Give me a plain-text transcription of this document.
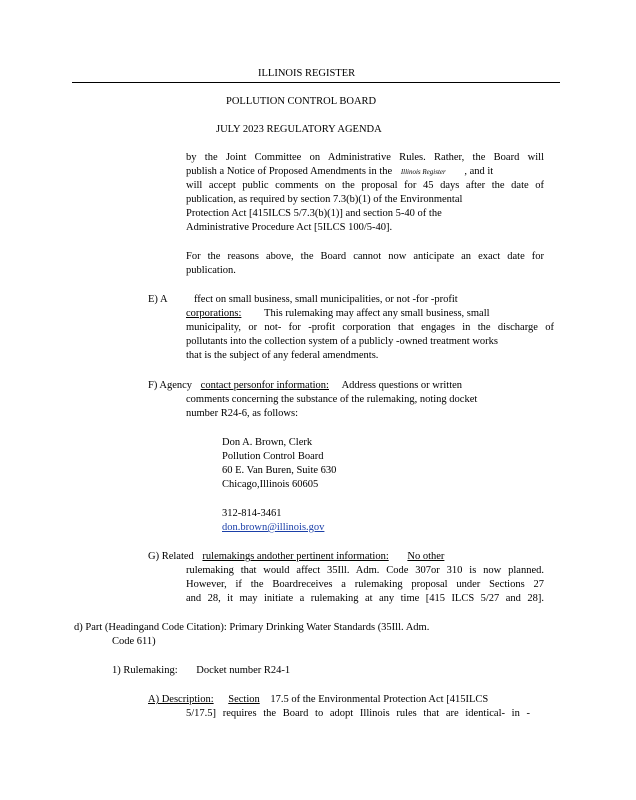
ILLINOIS REGISTER
POLLUTION CONTROL BOARD
JULY 2023 REGULATORY AGENDA
by the Joint Committee on Administrative Rules. Rather, the Board will
publish a Notice of Proposed Amendments in the Illinois Register , and it
will accept public comments on the proposal for 45 days after the date of
publication, as required by section 7.3(b)(1) of the Environmental
Protection Act [415ILCS 5/7.3(b)(1)] and section 5-40 of the
Administrative Procedure Act [5ILCS 100/5-40].
For the reasons above, the Board cannot now anticipate an exact date for
publication.
E) A	ffect on small business, small municipalities, or not -for -profit
corporations: This rulemaking may affect any small business, small
municipality, or not- for -profit corporation that engages in the discharge of
pollutants into the collection system of a publicly -owned treatment works
that is the subject of any federal amendments.
F) Agency contact personfor information: Address questions or written
comments concerning the substance of the rulemaking, noting docket
number R24-6, as follows:
Don A. Brown, Clerk
Pollution Control Board
60 E. Van Buren, Suite 630
Chicago,Illinois 60605
312-814-3461
don.brown@illinois.gov
G) Related rulemakings andother pertinent information: No other
rulemaking that would affect 35Ill. Adm. Code 307or 310 is now planned.
However, if the Boardreceives a rulemaking proposal under Sections 27
and 28, it may initiate a rulemaking at any time [415 ILCS 5/27 and 28].
d) Part (Headingand Code Citation): Primary Drinking Water Standards (35Ill. Adm.
Code 611)
1) Rulemaking: Docket number R24-1
A) Description: Section 17.5 of the Environmental Protection Act [415ILCS
5/17.5] requires the Board to adopt Illinois rules that are identical- in -
